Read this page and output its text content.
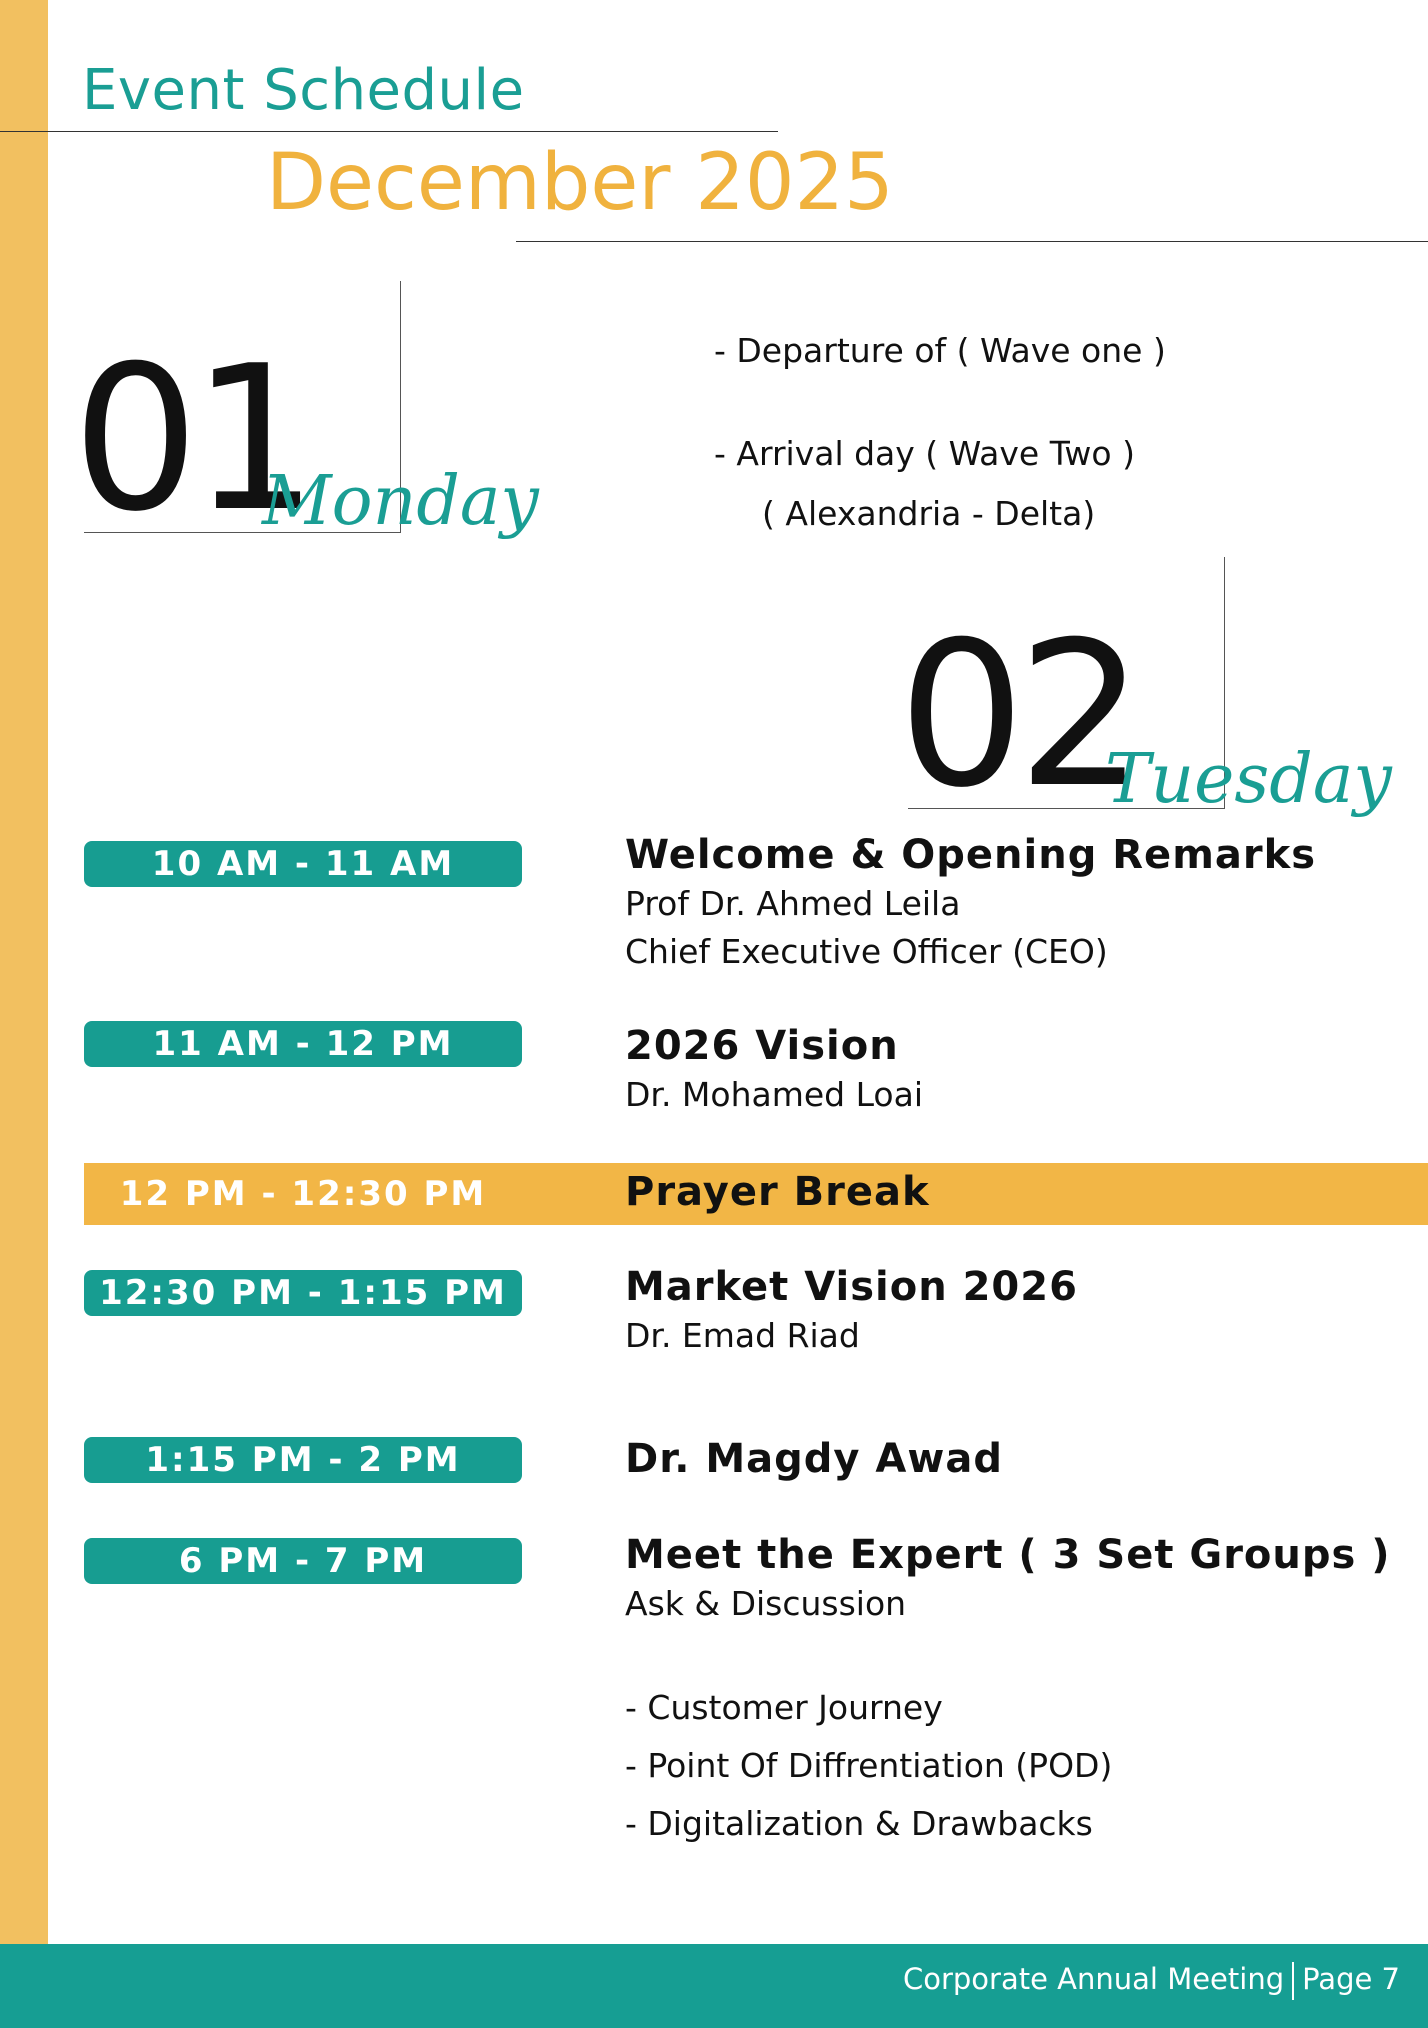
Event Schedule
December 2025
01
Monday
- Departure of ( Wave one )
- Arrival day ( Wave Two )
( Alexandria - Delta)
02
Tuesday
10 AM - 11 AM	Welcome & Opening Remarks
Prof Dr. Ahmed Leila
Chief Executive Officer (CEO)
11 AM - 12 PM	2026 Vision
Dr. Mohamed Loai
12 PM - 12:30 PM	Prayer Break
12:30 PM - 1:15 PM	Market Vision 2026
Dr. Emad Riad
1:15 PM - 2 PM	Dr. Magdy Awad
6 PM - 7 PM	Meet the Expert ( 3 Set Groups )
Ask & Discussion
- Customer Journey
- Point Of Diffrentiation (POD)
- Digitalization & Drawbacks
Corporate Annual Meeting Page 7
